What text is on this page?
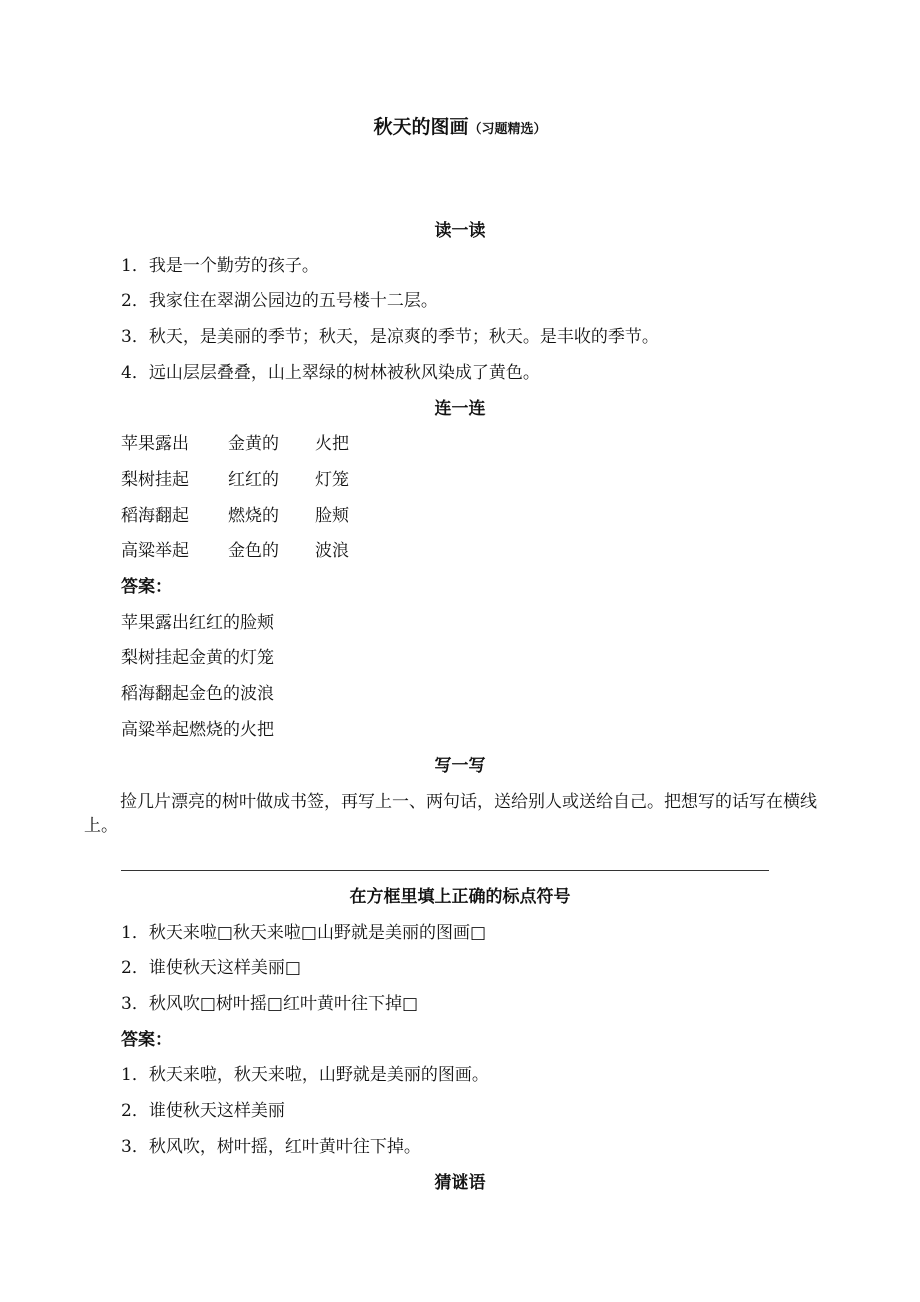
秋天的图画（习题精选）
读一读
1．我是一个勤劳的孩子。
2．我家住在翠湖公园边的五号楼十二层。
3．秋天，是美丽的季节；秋天，是凉爽的季节；秋天。是丰收的季节。
4．远山层层叠叠，山上翠绿的树林被秋风染成了黄色。
连一连
苹果露出 金黄的 火把
梨树挂起 红红的 灯笼
稻海翻起 燃烧的 脸颊
高粱举起 金色的 波浪
答案：
苹果露出红红的脸颊
梨树挂起金黄的灯笼
稻海翻起金色的波浪
高粱举起燃烧的火把
写一写
捡几片漂亮的树叶做成书签，再写上一、两句话，送给别人或送给自己。把想写的话写在横线上。
在方框里填上正确的标点符号
1．秋天来啦□秋天来啦□山野就是美丽的图画□
2．谁使秋天这样美丽□
3．秋风吹□树叶摇□红叶黄叶往下掉□
答案：
1．秋天来啦，秋天来啦，山野就是美丽的图画。
2．谁使秋天这样美丽
3．秋风吹，树叶摇，红叶黄叶往下掉。
猜谜语
